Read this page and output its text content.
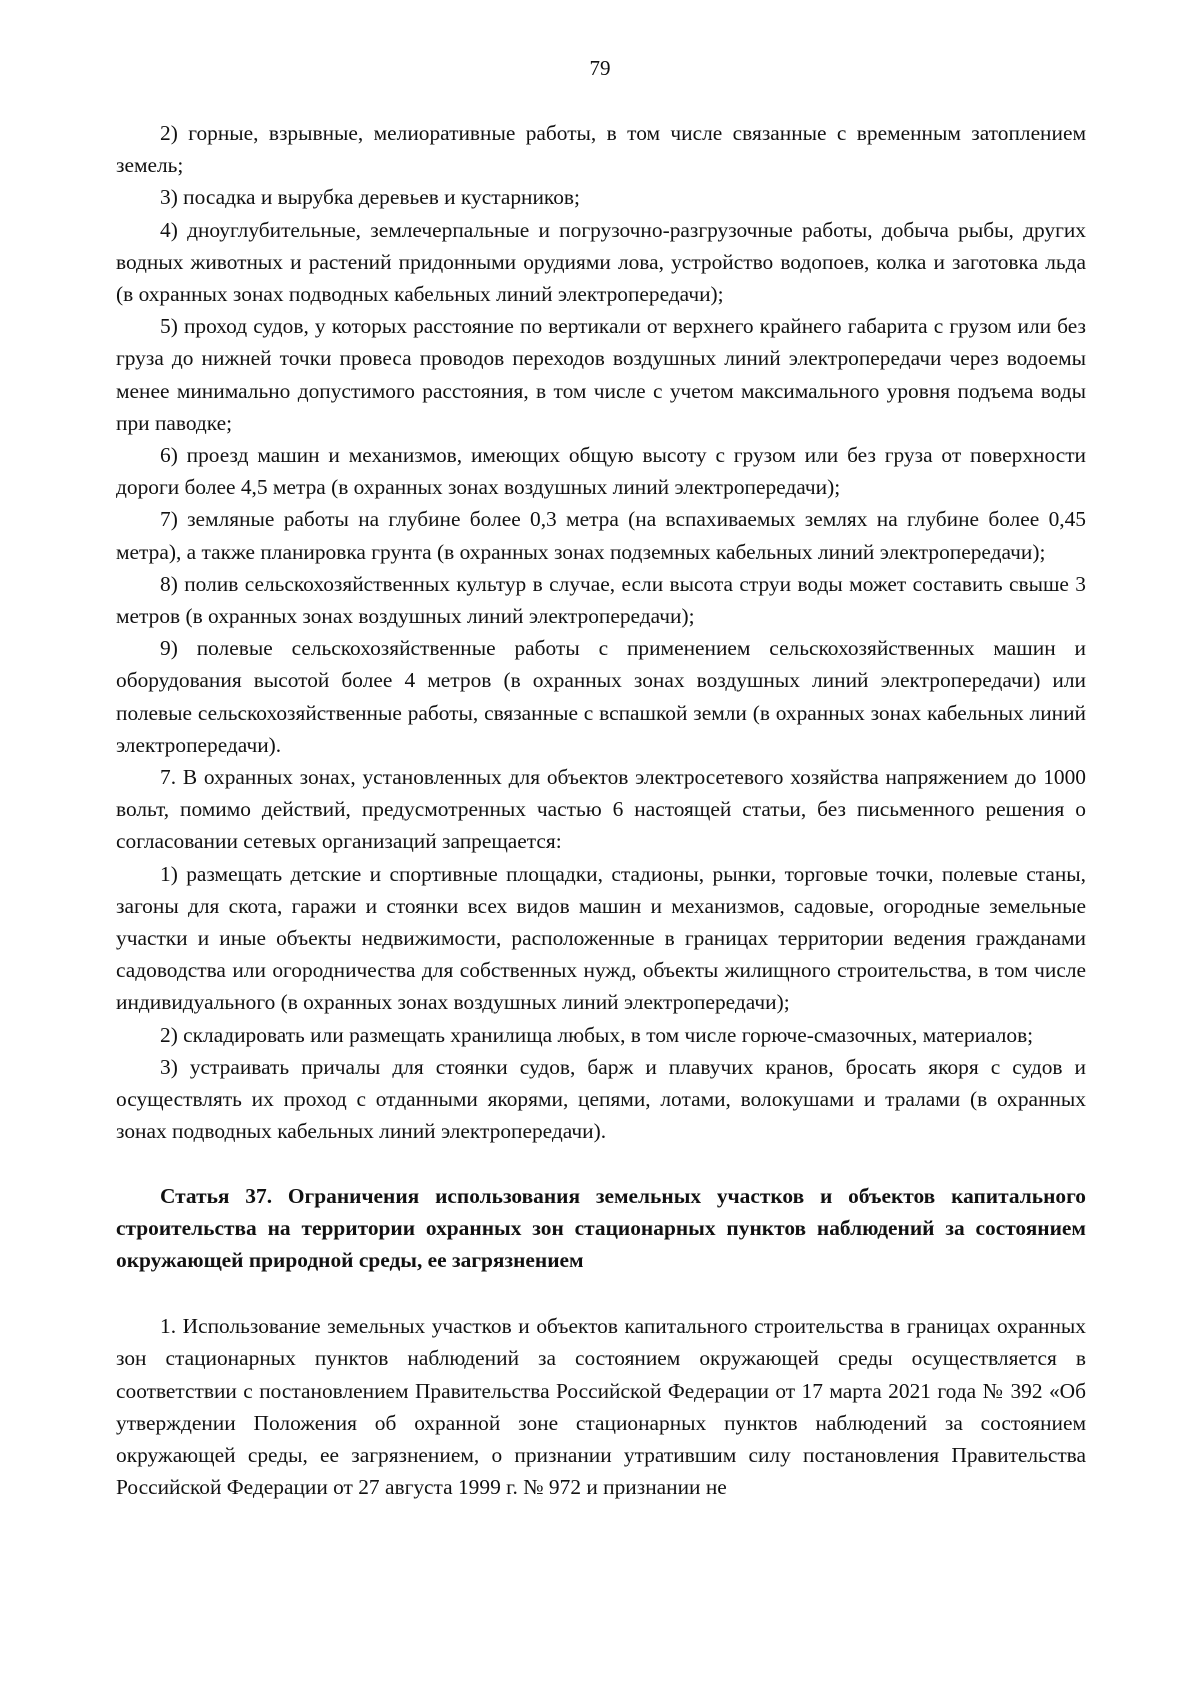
79

2) горные, взрывные, мелиоративные работы, в том числе связанные с временным затоплением земель;

3) посадка и вырубка деревьев и кустарников;

4) дноуглубительные, землечерпальные и погрузочно-разгрузочные работы, добыча рыбы, других водных животных и растений придонными орудиями лова, устройство водопоев, колка и заготовка льда (в охранных зонах подводных кабельных линий электропередачи);

5) проход судов, у которых расстояние по вертикали от верхнего крайнего габарита с грузом или без груза до нижней точки провеса проводов переходов воздушных линий электропередачи через водоемы менее минимально допустимого расстояния, в том числе с учетом максимального уровня подъема воды при паводке;

6) проезд машин и механизмов, имеющих общую высоту с грузом или без груза от поверхности дороги более 4,5 метра (в охранных зонах воздушных линий электропередачи);

7) земляные работы на глубине более 0,3 метра (на вспахиваемых землях на глубине более 0,45 метра), а также планировка грунта (в охранных зонах подземных кабельных линий электропередачи);

8) полив сельскохозяйственных культур в случае, если высота струи воды может составить свыше 3 метров (в охранных зонах воздушных линий электропередачи);

9) полевые сельскохозяйственные работы с применением сельскохозяйственных машин и оборудования высотой более 4 метров (в охранных зонах воздушных линий электропередачи) или полевые сельскохозяйственные работы, связанные с вспашкой земли (в охранных зонах кабельных линий электропередачи).

7. В охранных зонах, установленных для объектов электросетевого хозяйства напряжением до 1000 вольт, помимо действий, предусмотренных частью 6 настоящей статьи, без письменного решения о согласовании сетевых организаций запрещается:

1) размещать детские и спортивные площадки, стадионы, рынки, торговые точки, полевые станы, загоны для скота, гаражи и стоянки всех видов машин и механизмов, садовые, огородные земельные участки и иные объекты недвижимости, расположенные в границах территории ведения гражданами садоводства или огородничества для собственных нужд, объекты жилищного строительства, в том числе индивидуального (в охранных зонах воздушных линий электропередачи);

2) складировать или размещать хранилища любых, в том числе горюче-смазочных, материалов;

3) устраивать причалы для стоянки судов, барж и плавучих кранов, бросать якоря с судов и осуществлять их проход с отданными якорями, цепями, лотами, волокушами и тралами (в охранных зонах подводных кабельных линий электропередачи).

Статья 37. Ограничения использования земельных участков и объектов капитального строительства на территории охранных зон стационарных пунктов наблюдений за состоянием окружающей природной среды, ее загрязнением

1. Использование земельных участков и объектов капитального строительства в границах охранных зон стационарных пунктов наблюдений за состоянием окружающей среды осуществляется в соответствии с постановлением Правительства Российской Федерации от 17 марта 2021 года № 392 «Об утверждении Положения об охранной зоне стационарных пунктов наблюдений за состоянием окружающей среды, ее загрязнением, о признании утратившим силу постановления Правительства Российской Федерации от 27 августа 1999 г. № 972 и признании не
